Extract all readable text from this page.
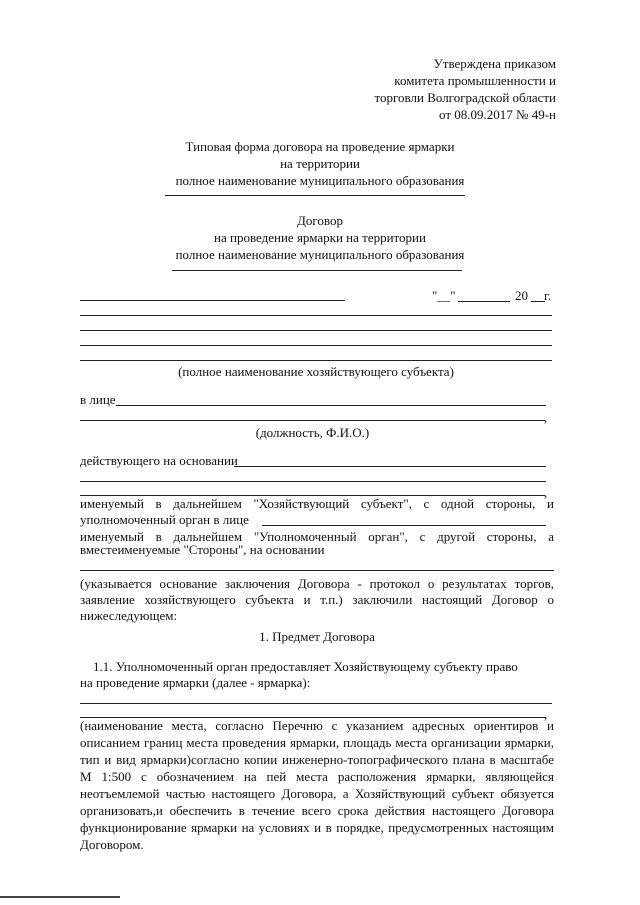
Утверждена приказом
комитета промышленности и
торговли Волгоградской области
от 08.09.2017 № 49-н
Типовая форма договора на проведение ярмарки
на территории
полное наименование муниципального образования
Договор
на проведение ярмарки на территории
полное наименование муниципального образования
"__"	20 г.
(полное наименование хозяйствующего субъекта)
в лице
,
(должность, Ф.И.О.)
действующего на основании
,
именуемый в дальнейшем "Хозяйствующий субъект", с одной стороны, и
уполномоченный орган в лице
именуемый в дальнейшем "Уполномоченный орган", с другой стороны, а
вместеименуемые "Стороны", на основании
(указывается основание заключения Договора - протокол о результатах торгов, заявление хозяйствующего субъекта и т.п.) заключили настоящий Договор о нижеследующем:
1. Предмет Договора
1.1. Уполномоченный орган предоставляет Хозяйствующему субъекту право
на проведение ярмарки (далее - ярмарка):
,
(наименование места, согласно Перечню с указанием адресных ориентиров и описанием границ места проведения ярмарки, площадь места организации ярмарки, тип и вид ярмарки)согласно копии инженерно-топографического плана в масштабе М 1:500 с обозначением на пей места расположения ярмарки, являющейся неотъемлемой частью настоящего Договора, а Хозяйствующий субъект обязуется организовать,и обеспечить в течение всего срока действия настоящего Договора функционирование ярмарки на условиях и в порядке, предусмотренных настоящим Договором.
